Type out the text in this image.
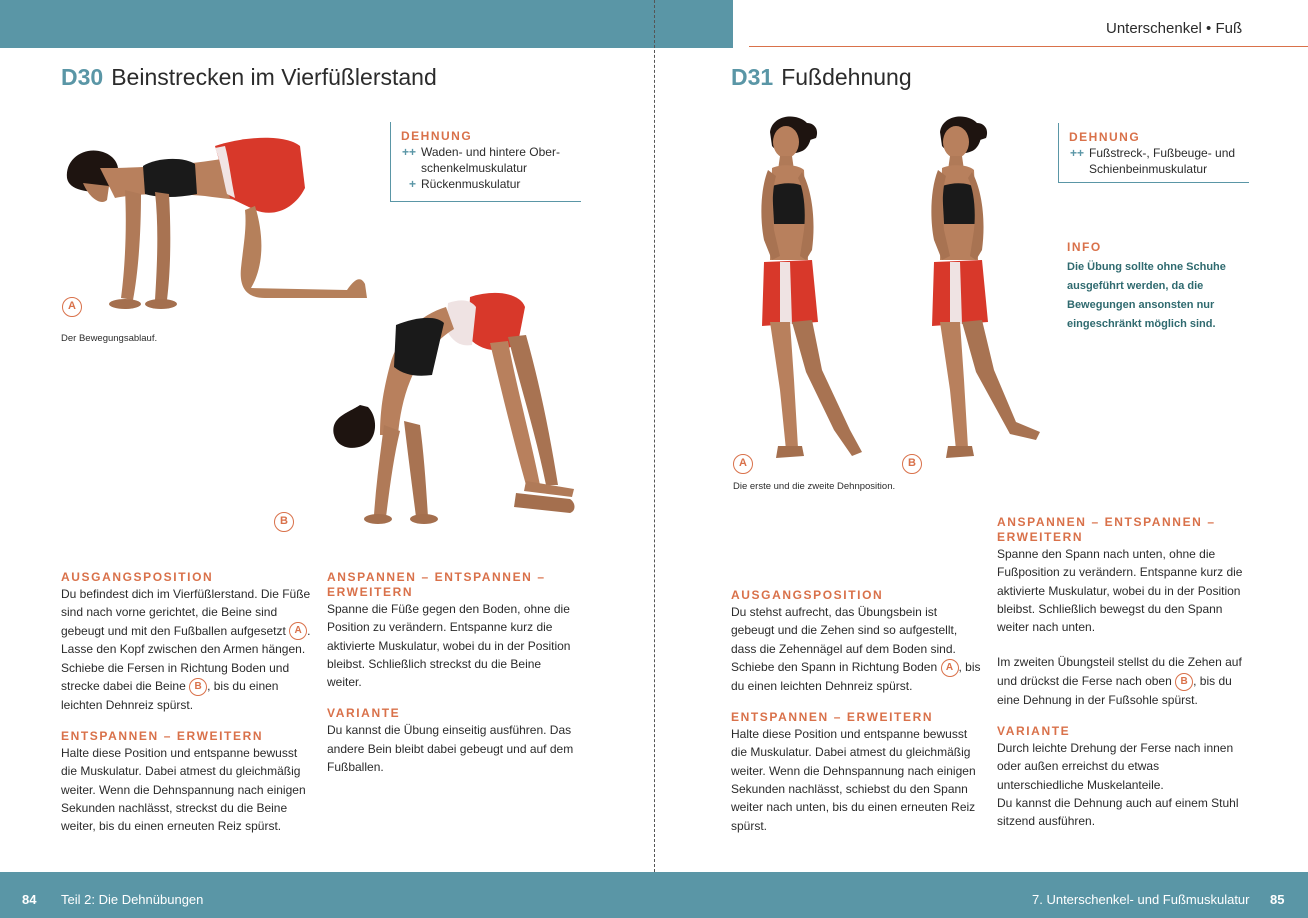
Unterschenkel • Fuß
D30 Beinstrecken im Vierfüßlerstand
DEHNUNG
++ Waden- und hintere Ober-
schenkelmuskulatur
+ Rückenmuskulatur
A
B
Der Bewegungsablauf.
AUSGANGSPOSITION

Du befindest dich im Vierfüßlerstand. Die Füße sind nach vorne gerichtet, die Beine sind gebeugt und mit den Fußballen aufgesetzt A . Lasse den Kopf zwischen den Armen hängen. Schiebe die Fersen in Richtung Boden und strecke dabei die Beine B , bis du einen leichten Dehnreiz spürst.

ENTSPANNEN – ERWEITERN

Halte diese Position und entspanne bewusst die Muskulatur. Dabei atmest du gleichmäßig weiter. Wenn die Dehnspannung nach einigen Sekunden nachlässt, streckst du die Beine weiter, bis du einen erneuten Reiz spürst.

ANSPANNEN – ENTSPANNEN – ERWEITERN

Spanne die Füße gegen den Boden, ohne die Position zu verändern. Entspanne kurz die aktivierte Muskulatur, wobei du in der Position bleibst. Schließlich streckst du die Beine weiter.

VARIANTE

Du kannst die Übung einseitig ausführen. Das andere Bein bleibt dabei gebeugt und auf dem Fußballen.

D31 Fußdehnung
DEHNUNG
++ Fußstreck-, Fußbeuge- und
Schienbeinmuskulatur
INFO
Die Übung sollte ohne Schuhe ausgeführt werden, da die Bewegungen ansonsten nur eingeschränkt möglich sind.
A	B
Die erste und die zweite Dehnposition.
AUSGANGSPOSITION

Du stehst aufrecht, das Übungsbein ist gebeugt und die Zehen sind so aufgestellt, dass die Zehennägel auf dem Boden sind. Schiebe den Spann in Richtung Boden A , bis du einen leichten Dehnreiz spürst.

ENTSPANNEN – ERWEITERN

Halte diese Position und entspanne bewusst die Muskulatur. Dabei atmest du gleichmäßig weiter. Wenn die Dehnspannung nach einigen Sekunden nachlässt, schiebst du den Spann weiter nach unten, bis du einen erneuten Reiz spürst.

ANSPANNEN – ENTSPANNEN – ERWEITERN

Spanne den Spann nach unten, ohne die Fußposition zu verändern. Entspanne kurz die aktivierte Muskulatur, wobei du in der Position bleibst. Schließlich bewegst du den Spann weiter nach unten.

Im zweiten Übungsteil stellst du die Zehen auf und drückst die Ferse nach oben B , bis du eine Dehnung in der Fußsohle spürst.

VARIANTE

Durch leichte Drehung der Ferse nach innen oder außen erreichst du etwas unterschiedliche Muskelanteile.

Du kannst die Dehnung auch auf einem Stuhl sitzend ausführen.

84 Teil 2: Die Dehnübungen	7. Unterschenkel- und Fußmuskulatur 85
